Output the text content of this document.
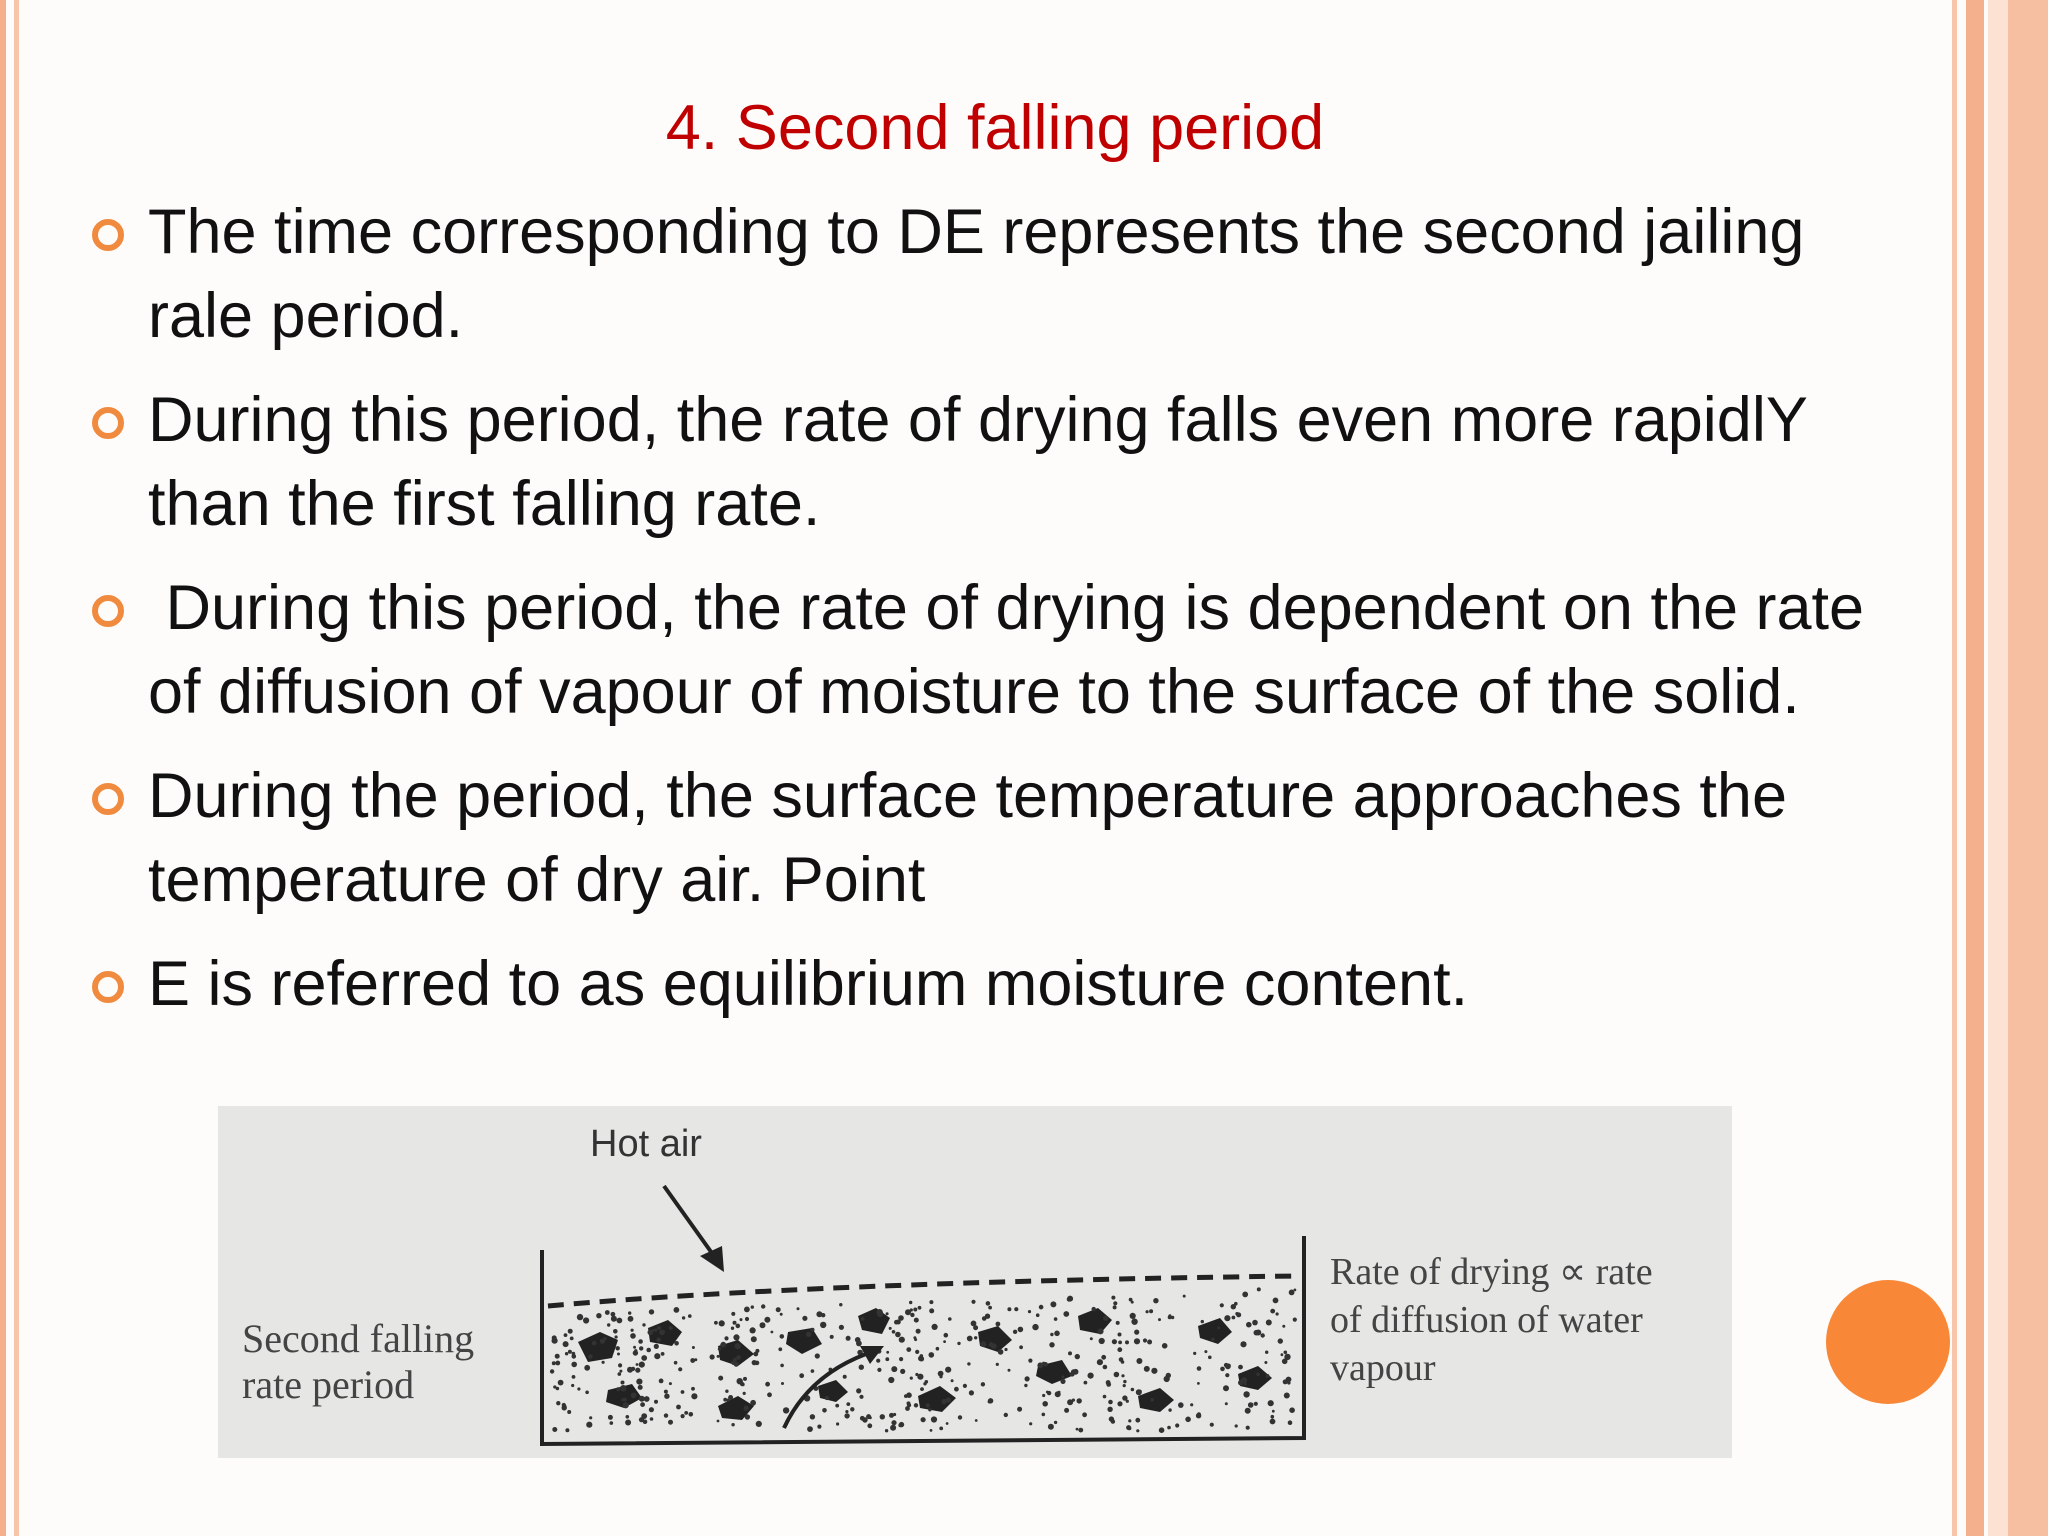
4. Second falling period
The time corresponding to DE represents the second jailing rale period.
During this period, the rate of drying falls even more rapidlY than the first falling rate.
During this period, the rate of drying is dependent on the rate of diffusion of vapour of moisture to the surface of the solid.
During the period, the surface temperature approaches the temperature of dry air. Point
E is referred to as equilibrium moisture content.
Hot air
Second falling
rate period
Rate of drying ∝ rate
of diffusion of water
vapour
